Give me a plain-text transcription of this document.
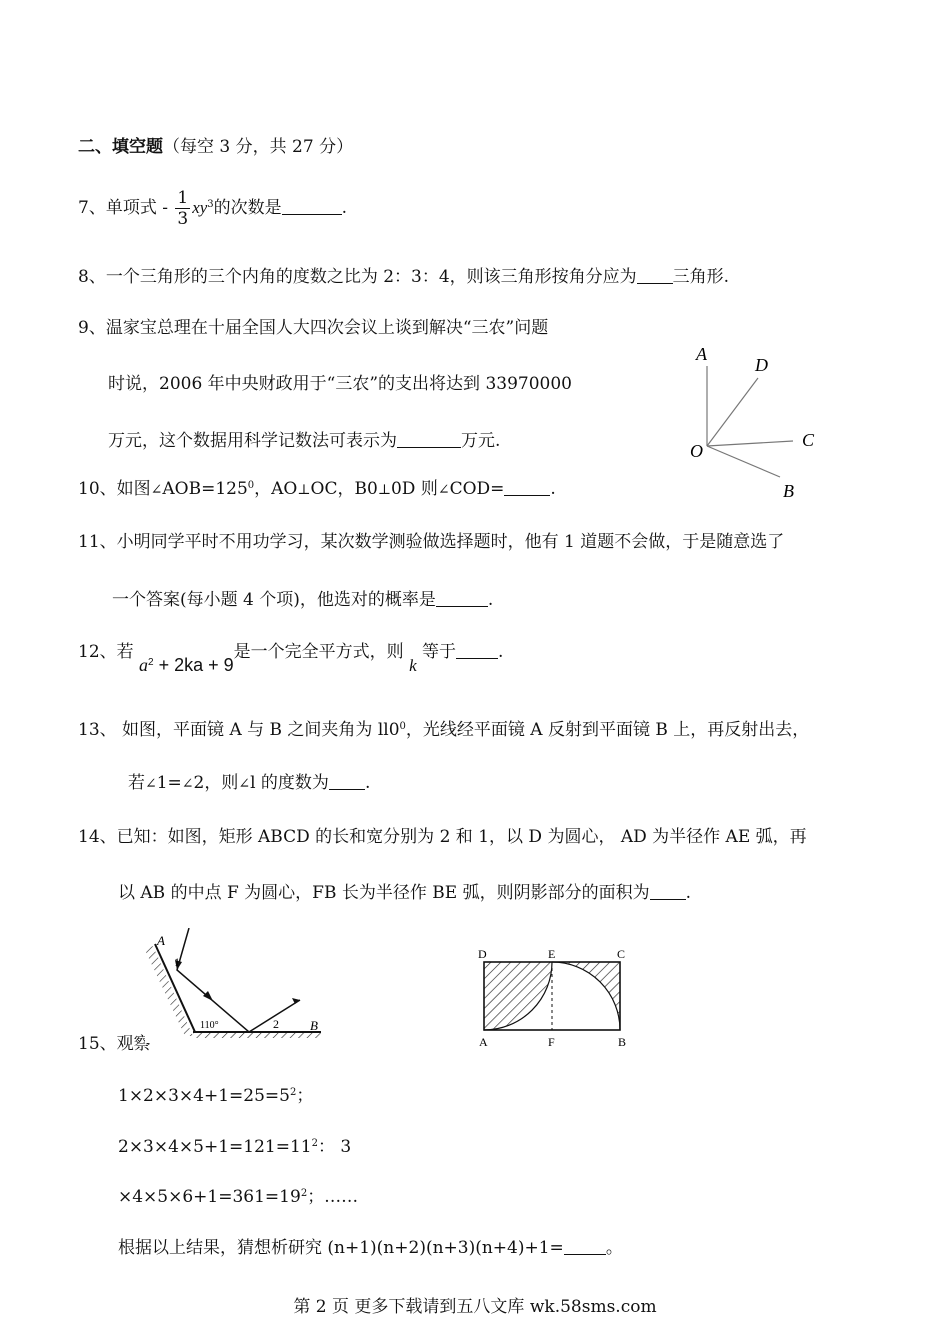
二、填空题（每空 3 分，共 27 分）
7、单项式 - $\frac{1}{3} xy^3$的次数是	.
8、一个三角形的三个内角的度数之比为 2：3：4，则该三角形按角分应为 三角形.
9、温家宝总理在十届全国人大四次会议上谈到解决“三农”问题
时说，2006 年中央财政用于“三农”的支出将达到 33970000
万元，这个数据用科学记数法可表示为	万元.
A
D
C
O
B
10、如图$\angle AOB=125^0$，AO⊥OC，B0⊥0D 则∠COD=	.
11、小明同学平时不用功学习，某次数学测验做选择题时，他有 1 道题不会做，于是随意选了
一个答案(每小题 4 个项)，他选对的概率是	.
12、若 $a^2 + 2ka + 9$是一个完全平方式，则 k 等于 .
13、 如图，平面镜 A 与 B 之间夹角为 $ll0^0$，光线经平面镜 A 反射到平面镜 B 上，再反射出去，
若∠1=∠2，则∠l 的度数为 .
14、已知：如图，矩形 ABCD 的长和宽分别为 2 和 1，以 D 为圆心， AD 为半径作 AE 弧，再
以 AB 的中点 F 为圆心，FB 长为半径作 BE 弧，则阴影部分的面积为 .
15、观察
A
B
1
2
110°
D	E	C
A	F	B
$1\times 2\times 3\times 4+1=25=5^2$；
$2\times 3\times 4\times 5+1=121=11^2$： 3
$\times 4\times 5\times 6+1=361=19^2$；……
根据以上结果，猜想析研究 (n+1)(n+2)(n+3)(n+4)+1= 。
第 2 页 更多下载请到五八文库 wk.58sms.com
